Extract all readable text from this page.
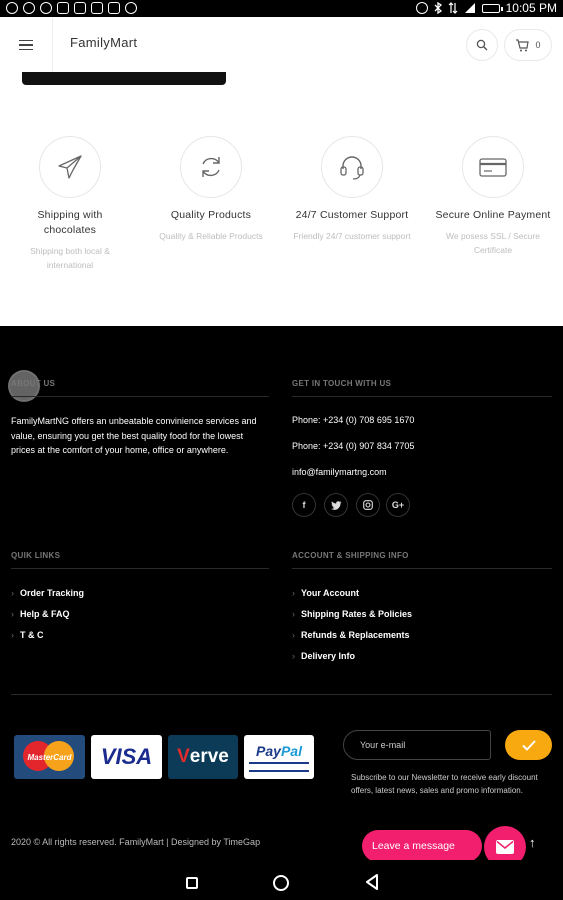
10:05 PM
FamilyMart	0
Shipping with chocolates
Shipping both local & international
Quality Products
Quality & Reliable Products
24/7 Customer Support
Friendly 24/7 customer support
Secure Online Payment
We posess SSL / Secure Certificate
ABOUT US
FamilyMartNG offers an unbeatable convinience services and value, ensuring you get the best quality food for the lowest prices at the comfort of your home, office or anywhere.
GET IN TOUCH WITH US
Phone: +234 (0) 708 695 1670
Phone: +234 (0) 907 834 7705
info@familymartng.com
f	G+
QUIK LINKS
› Order Tracking
› Help & FAQ
› T & C
ACCOUNT & SHIPPING INFO
› Your Account
› Shipping Rates & Policies
› Refunds & Replacements
› Delivery Info
MasterCard	VISA	V erve PayPal
Your e-mail
Subscribe to our Newsletter to receive early discount offers, latest news, sales and promo information.
2020 © All rights reserved. FamilyMart | Designed by TimeGap	Leave a message	↑
